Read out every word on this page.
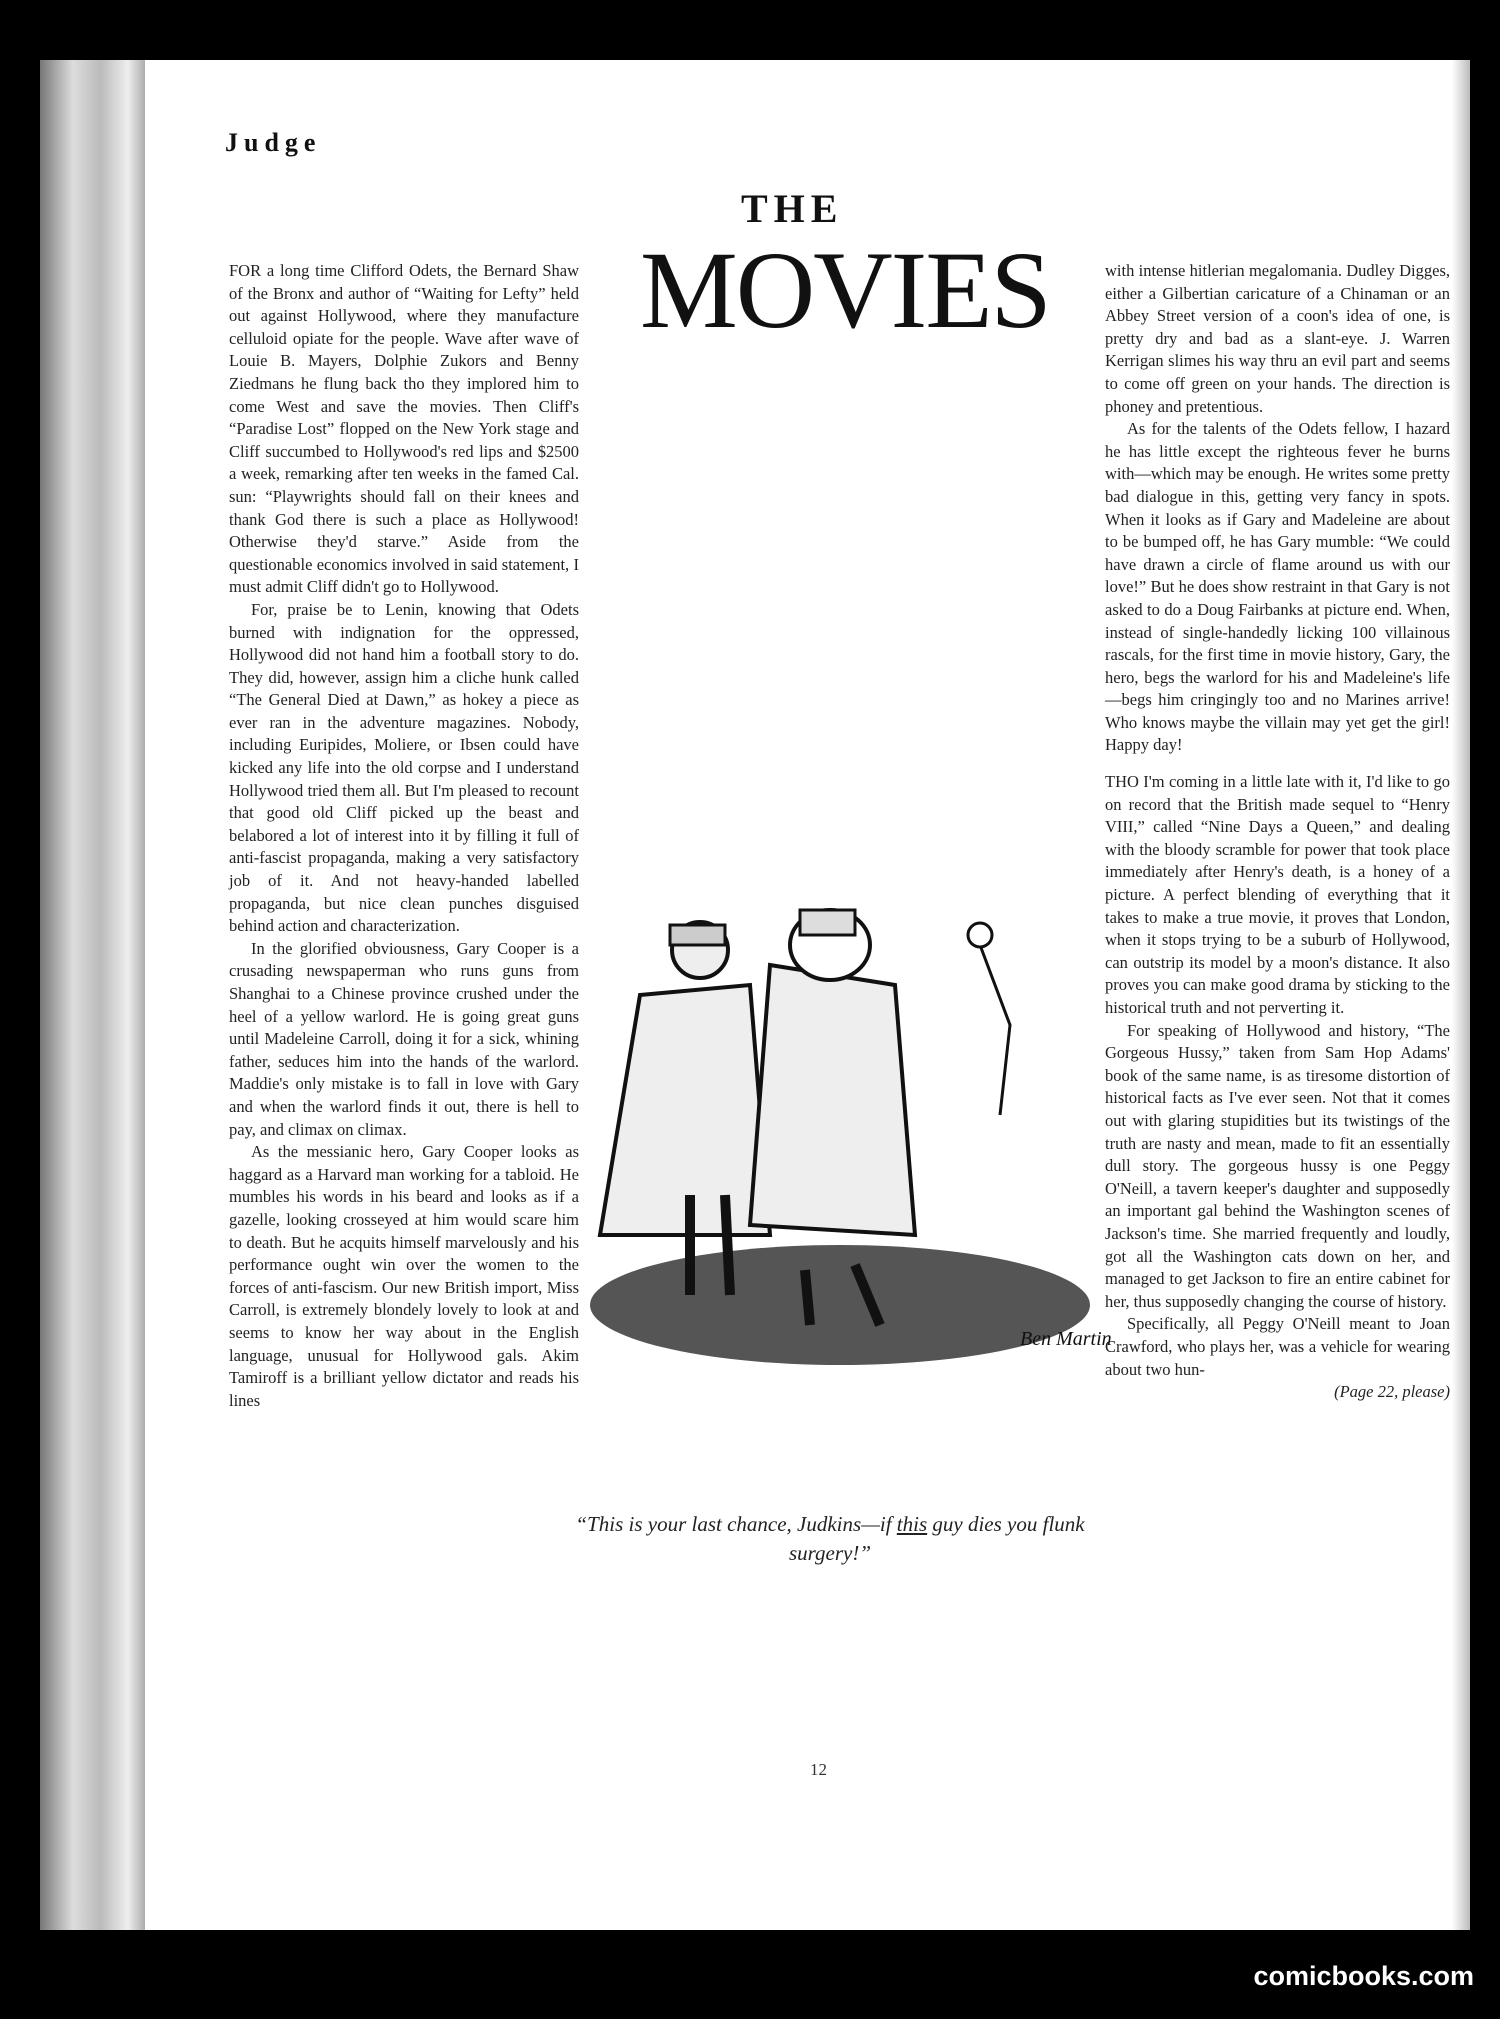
Judge
THE
MOVIES

FOR a long time Clifford Odets, the Bernard Shaw of the Bronx and author of “Waiting for Lefty” held out against Hollywood, where they manufacture celluloid opiate for the people. Wave after wave of Louie B. Mayers, Dolphie Zukors and Benny Ziedmans he flung back tho they implored him to come West and save the movies. Then Cliff's “Paradise Lost” flopped on the New York stage and Cliff succumbed to Hollywood's red lips and $2500 a week, remarking after ten weeks in the famed Cal. sun: “Playwrights should fall on their knees and thank God there is such a place as Hollywood! Otherwise they'd starve.” Aside from the questionable economics involved in said statement, I must admit Cliff didn't go to Hollywood.

For, praise be to Lenin, knowing that Odets burned with indignation for the oppressed, Hollywood did not hand him a football story to do. They did, however, assign him a cliche hunk called “The General Died at Dawn,” as hokey a piece as ever ran in the adventure magazines. Nobody, including Euripides, Moliere, or Ibsen could have kicked any life into the old corpse and I understand Hollywood tried them all. But I'm pleased to recount that good old Cliff picked up the beast and belabored a lot of interest into it by filling it full of anti-fascist propaganda, making a very satisfactory job of it. And not heavy-handed labelled propaganda, but nice clean punches disguised behind action and characterization.

In the glorified obviousness, Gary Cooper is a crusading newspaperman who runs guns from Shanghai to a Chinese province crushed under the heel of a yellow warlord. He is going great guns until Madeleine Carroll, doing it for a sick, whining father, seduces him into the hands of the warlord. Maddie's only mistake is to fall in love with Gary and when the warlord finds it out, there is hell to pay, and climax on climax.

As the messianic hero, Gary Cooper looks as haggard as a Harvard man working for a tabloid. He mumbles his words in his beard and looks as if a gazelle, looking crosseyed at him would scare him to death. But he acquits himself marvelously and his performance ought win over the women to the forces of anti-fascism. Our new British import, Miss Carroll, is extremely blondely lovely to look at and seems to know her way about in the English language, unusual for Hollywood gals. Akim Tamiroff is a brilliant yellow dictator and reads his lines

with intense hitlerian megalomania. Dudley Digges, either a Gilbertian caricature of a Chinaman or an Abbey Street version of a coon's idea of one, is pretty dry and bad as a slant-eye. J. Warren Kerrigan slimes his way thru an evil part and seems to come off green on your hands. The direction is phoney and pretentious.

As for the talents of the Odets fellow, I hazard he has little except the righteous fever he burns with—which may be enough. He writes some pretty bad dialogue in this, getting very fancy in spots. When it looks as if Gary and Madeleine are about to be bumped off, he has Gary mumble: “We could have drawn a circle of flame around us with our love!” But he does show restraint in that Gary is not asked to do a Doug Fairbanks at picture end. When, instead of single-handedly licking 100 villainous rascals, for the first time in movie history, Gary, the hero, begs the warlord for his and Madeleine's life—begs him cringingly too and no Marines arrive! Who knows maybe the villain may yet get the girl! Happy day!

THO I'm coming in a little late with it, I'd like to go on record that the British made sequel to “Henry VIII,” called “Nine Days a Queen,” and dealing with the bloody scramble for power that took place immediately after Henry's death, is a honey of a picture. A perfect blending of everything that it takes to make a true movie, it proves that London, when it stops trying to be a suburb of Hollywood, can outstrip its model by a moon's distance. It also proves you can make good drama by sticking to the historical truth and not perverting it.

For speaking of Hollywood and history, “The Gorgeous Hussy,” taken from Sam Hop Adams' book of the same name, is as tiresome distortion of historical facts as I've ever seen. Not that it comes out with glaring stupidities but its twistings of the truth are nasty and mean, made to fit an essentially dull story. The gorgeous hussy is one Peggy O'Neill, a tavern keeper's daughter and supposedly an important gal behind the Washington scenes of Jackson's time. She married frequently and loudly, got all the Washington cats down on her, and managed to get Jackson to fire an entire cabinet for her, thus supposedly changing the course of history.

Specifically, all Peggy O'Neill meant to Joan Crawford, who plays her, was a vehicle for wearing about two hun-

(Page 22, please)

Ben Martin
“This is your last chance, Judkins—if this guy dies you flunk surgery!”
12
comicbooks.com
